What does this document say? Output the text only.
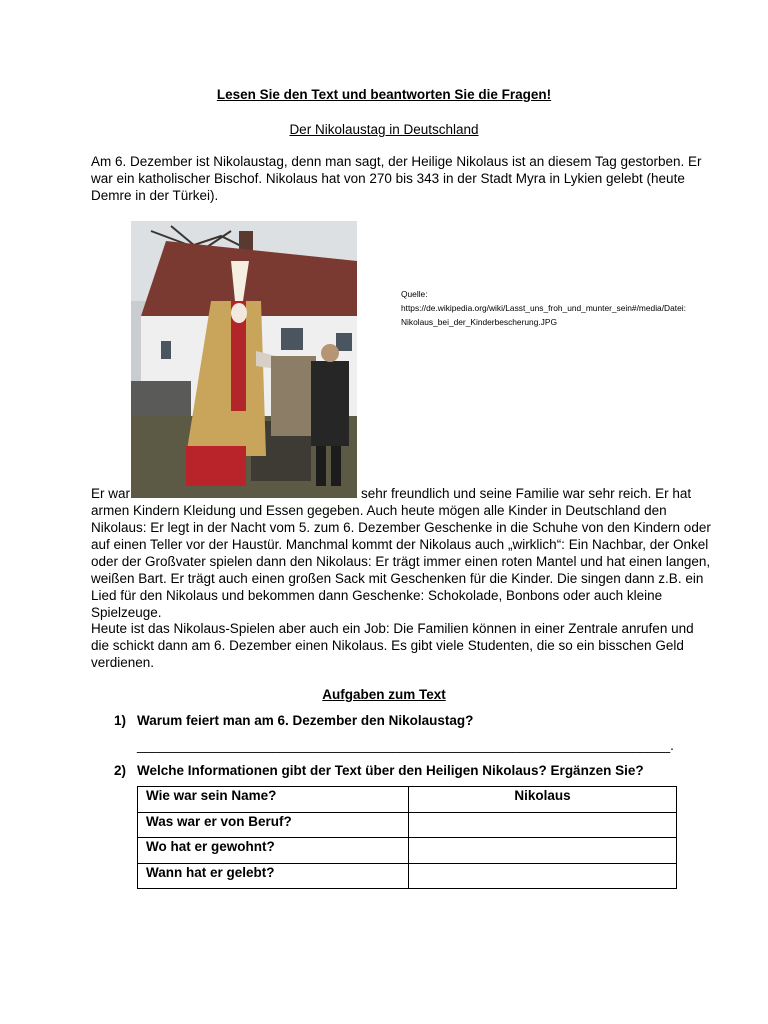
Lesen Sie den Text und beantworten Sie die Fragen!
Der Nikolaustag in Deutschland
Am 6. Dezember ist Nikolaustag, denn man sagt, der Heilige Nikolaus ist an diesem Tag gestorben. Er
war ein katholischer Bischof. Nikolaus hat von 270 bis 343 in der Stadt Myra in Lykien gelebt (heute
Demre in der Türkei).
Quelle:
https://de.wikipedia.org/wiki/Lasst_uns_froh_und_munter_sein#/media/Datei:
Nikolaus_bei_der_Kinderbescherung.JPG
Er war	sehr freundlich und seine Familie war sehr reich. Er hat
armen Kindern Kleidung und Essen gegeben. Auch heute mögen alle Kinder in Deutschland den
Nikolaus: Er legt in der Nacht vom 5. zum 6. Dezember Geschenke in die Schuhe von den Kindern oder
auf einen Teller vor der Haustür. Manchmal kommt der Nikolaus auch „wirklich“: Ein Nachbar, der Onkel
oder der Großvater spielen dann den Nikolaus: Er trägt immer einen roten Mantel und hat einen langen,
weißen Bart. Er trägt auch einen großen Sack mit Geschenken für die Kinder. Die singen dann z.B. ein
Lied für den Nikolaus und bekommen dann Geschenke: Schokolade, Bonbons oder auch kleine
Spielzeuge.
Heute ist das Nikolaus-Spielen aber auch ein Job: Die Familien können in einer Zentrale anrufen und
die schickt dann am 6. Dezember einen Nikolaus. Es gibt viele Studenten, die so ein bisschen Geld
verdienen.
Aufgaben zum Text
1) Warum feiert man am 6. Dezember den Nikolaustag?
_______________________________________________________________________.
2) Welche Informationen gibt der Text über den Heiligen Nikolaus? Ergänzen Sie?
Wie war sein Name?	Nikolaus
Was war er von Beruf?	
Wo hat er gewohnt?	
Wann hat er gelebt?	
